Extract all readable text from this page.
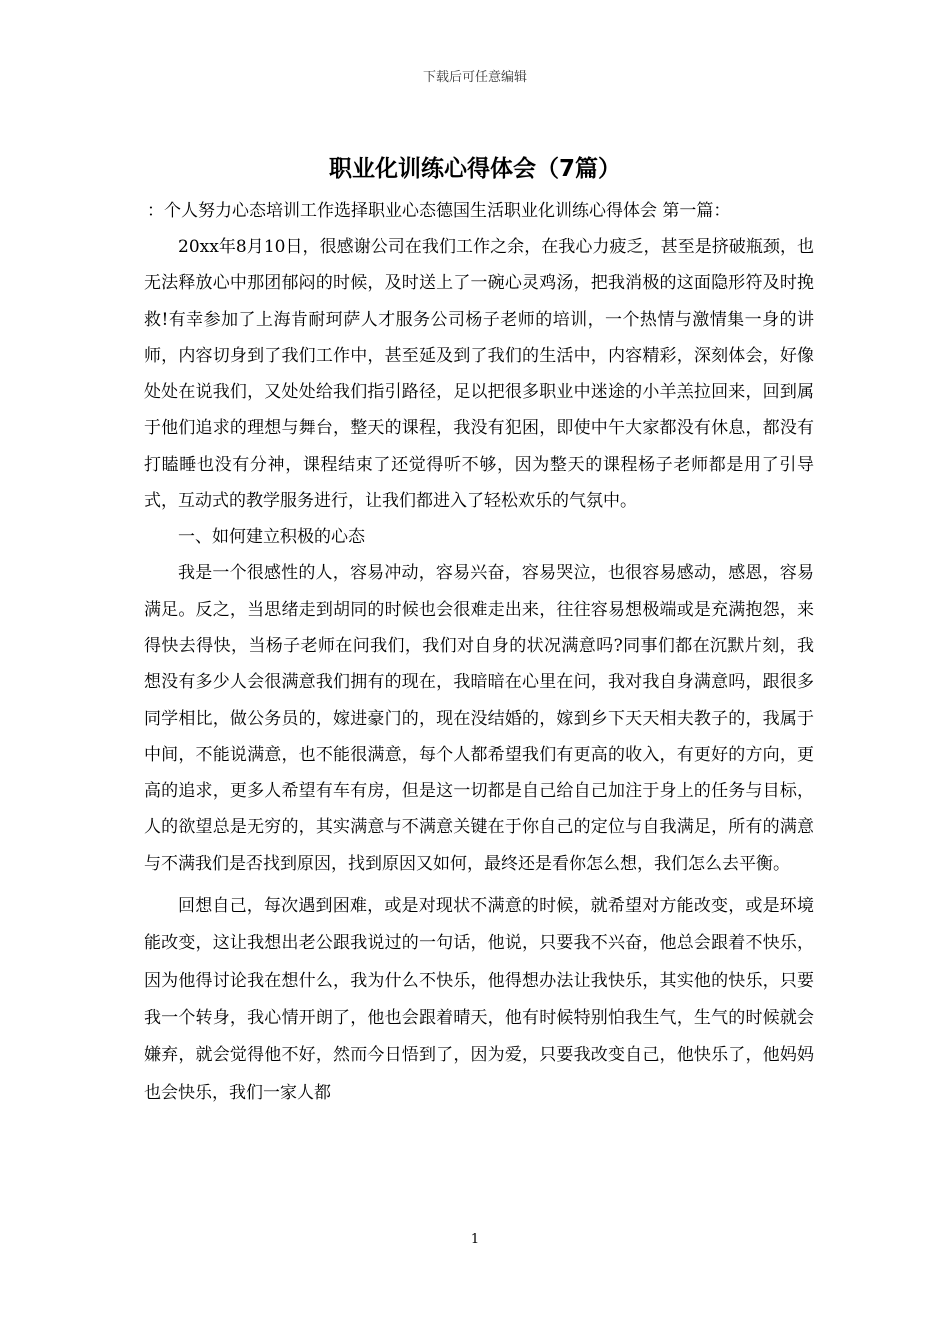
下载后可任意编辑
职业化训练心得体会（7篇）
：个人努力心态培训工作选择职业心态德国生活职业化训练心得体会 第一篇：

20xx年8月10日，很感谢公司在我们工作之余，在我心力疲乏，甚至是挤破瓶颈，也无法释放心中那团郁闷的时候，及时送上了一碗心灵鸡汤，把我消极的这面隐形符及时挽救!有幸参加了上海肯耐珂萨人才服务公司杨子老师的培训，一个热情与激情集一身的讲师，内容切身到了我们工作中，甚至延及到了我们的生活中，内容精彩，深刻体会，好像处处在说我们，又处处给我们指引路径，足以把很多职业中迷途的小羊羔拉回来，回到属于他们追求的理想与舞台，整天的课程，我没有犯困，即使中午大家都没有休息，都没有打瞌睡也没有分神，课程结束了还觉得听不够，因为整天的课程杨子老师都是用了引导式，互动式的教学服务进行，让我们都进入了轻松欢乐的气氛中。

一、如何建立积极的心态

我是一个很感性的人，容易冲动，容易兴奋，容易哭泣，也很容易感动，感恩，容易满足。反之，当思绪走到胡同的时候也会很难走出来，往往容易想极端或是充满抱怨，来得快去得快，当杨子老师在问我们，我们对自身的状况满意吗?同事们都在沉默片刻，我想没有多少人会很满意我们拥有的现在，我暗暗在心里在问，我对我自身满意吗，跟很多同学相比，做公务员的，嫁进豪门的，现在没结婚的，嫁到乡下天天相夫教子的，我属于中间，不能说满意，也不能很满意，每个人都希望我们有更高的收入，有更好的方向，更高的追求，更多人希望有车有房，但是这一切都是自己给自己加注于身上的任务与目标，人的欲望总是无穷的，其实满意与不满意关键在于你自己的定位与自我满足，所有的满意与不满我们是否找到原因，找到原因又如何，最终还是看你怎么想，我们怎么去平衡。

回想自己，每次遇到困难，或是对现状不满意的时候，就希望对方能改变，或是环境能改变，这让我想出老公跟我说过的一句话，他说，只要我不兴奋，他总会跟着不快乐，因为他得讨论我在想什么，我为什么不快乐，他得想办法让我快乐，其实他的快乐，只要我一个转身，我心情开朗了，他也会跟着晴天，他有时候特别怕我生气，生气的时候就会嫌弃，就会觉得他不好，然而今日悟到了，因为爱，只要我改变自己，他快乐了，他妈妈也会快乐，我们一家人都

1
